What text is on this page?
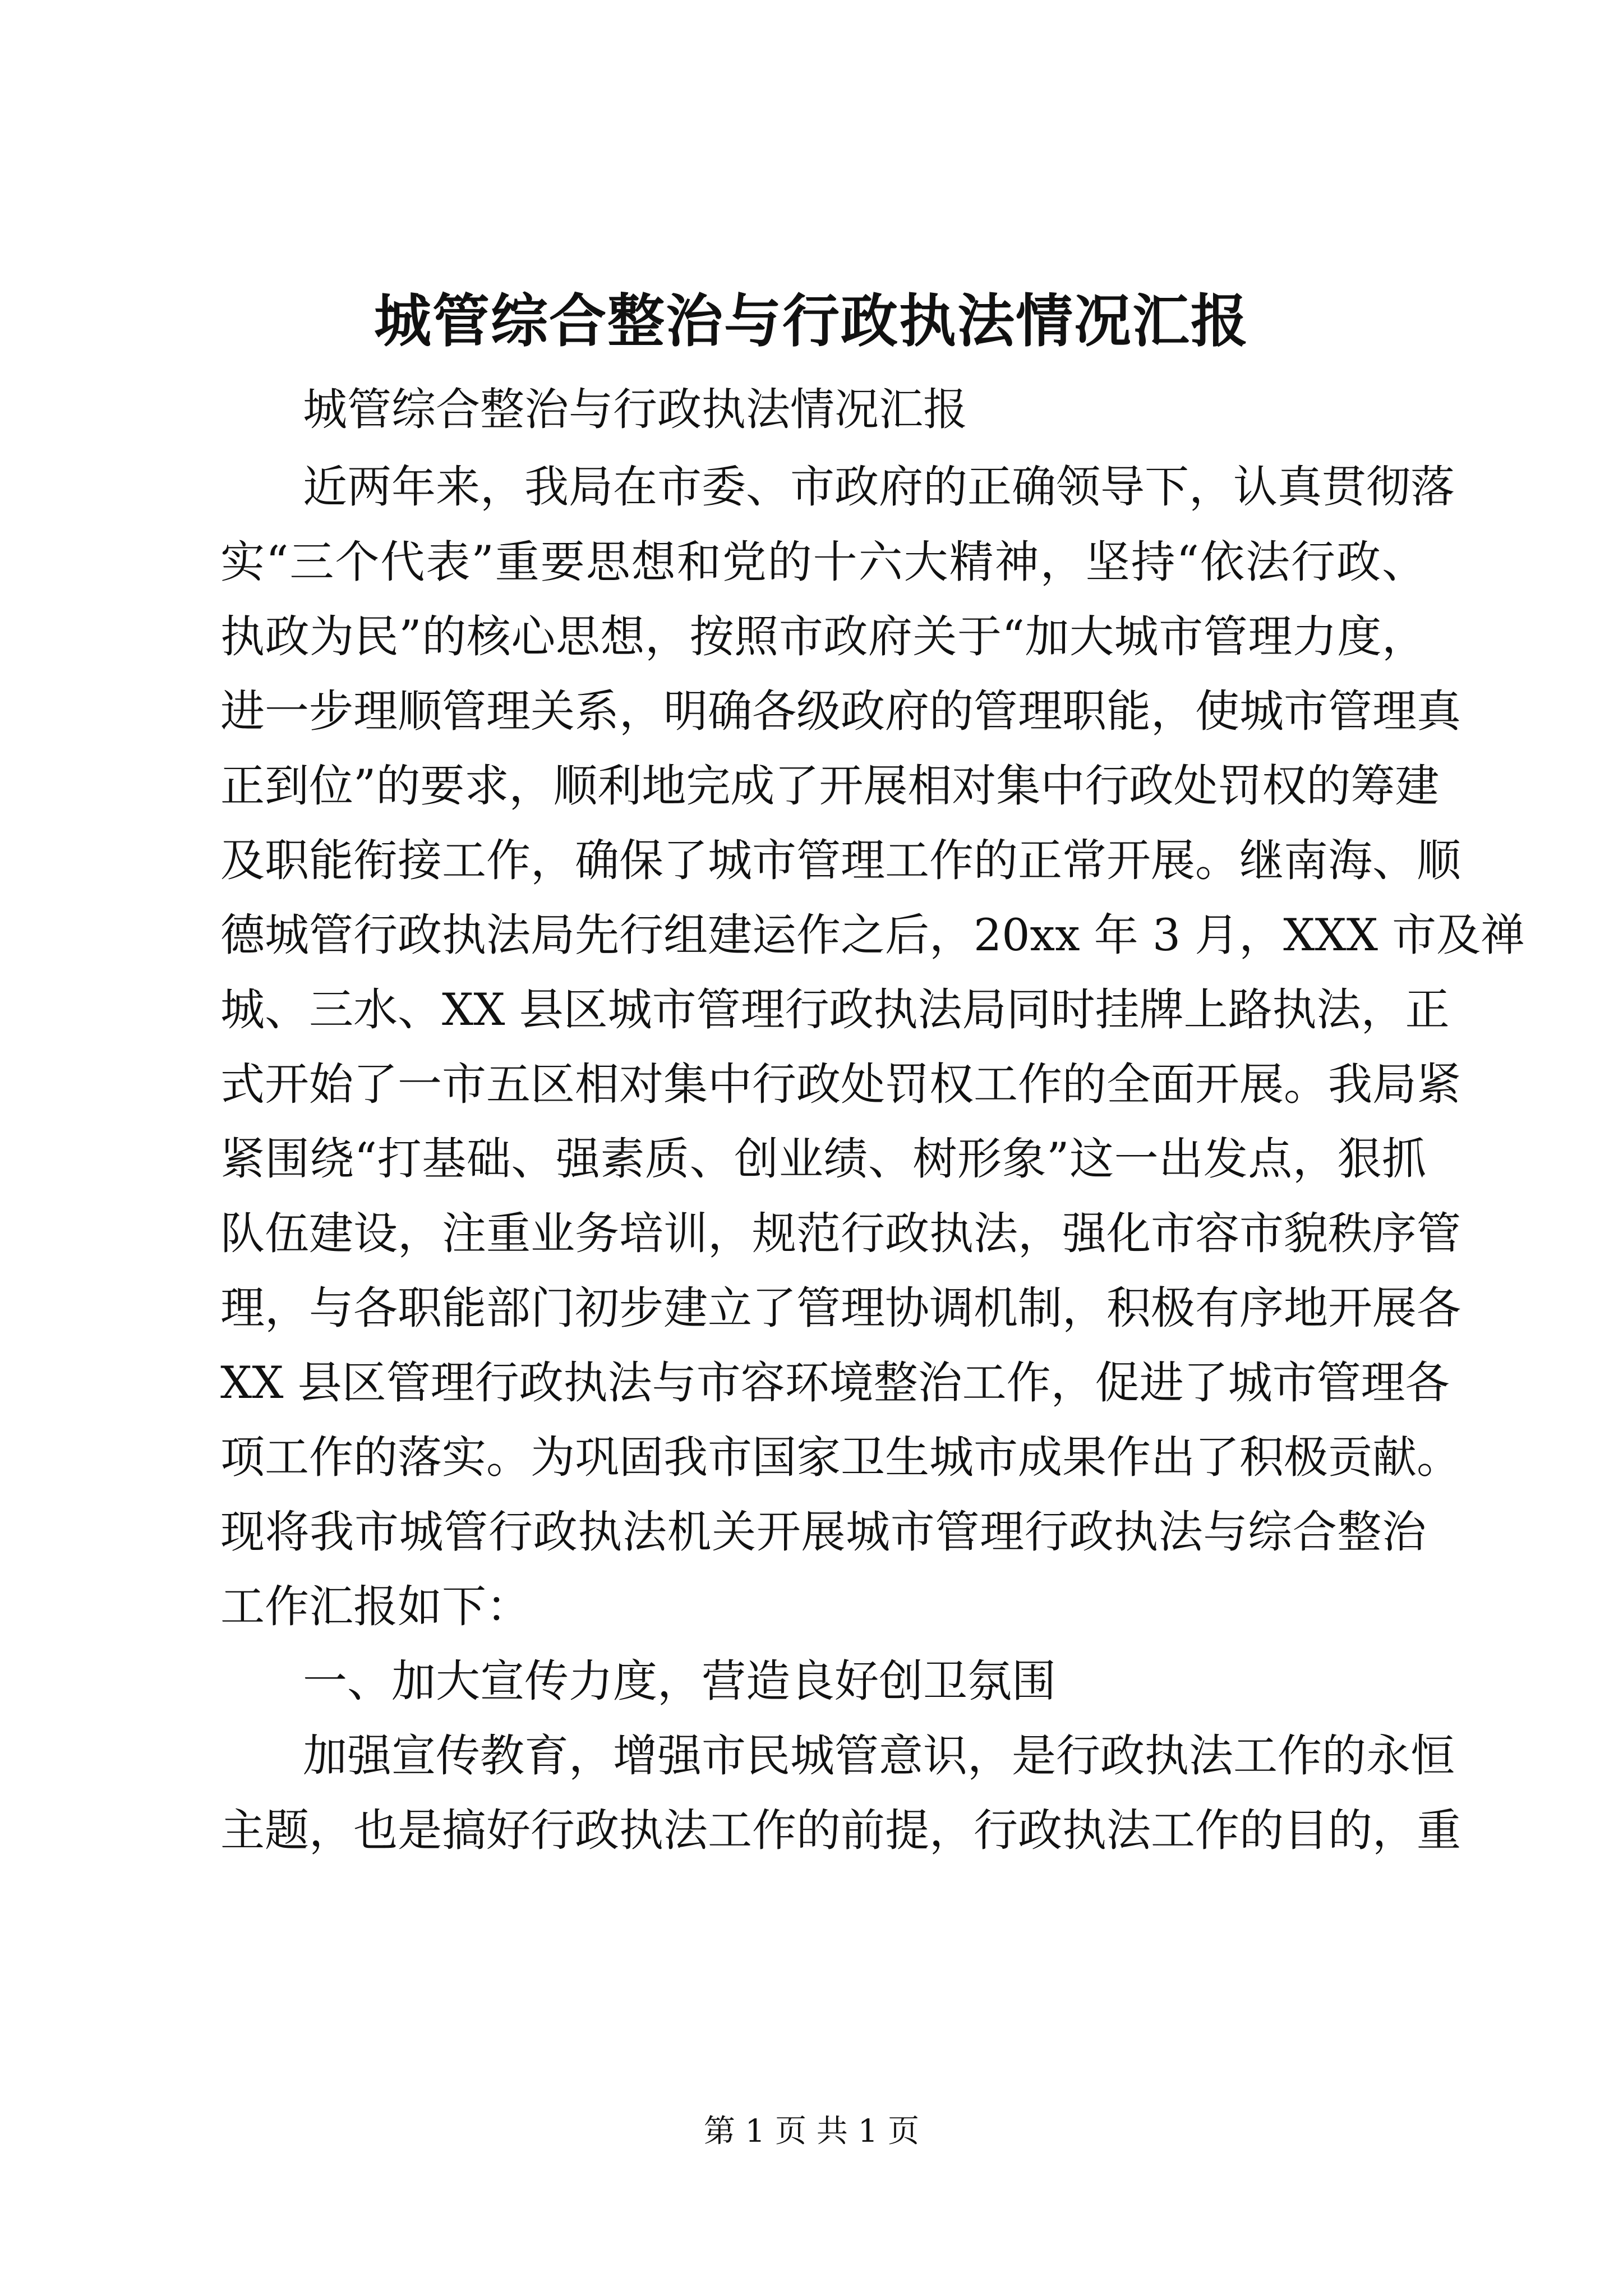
城管综合整治与行政执法情况汇报
城管综合整治与行政执法情况汇报
近两年来，我局在市委、市政府的正确领导下，认真贯彻落
实“三个代表”重要思想和党的十六大精神，坚持“依法行政、
执政为民”的核心思想，按照市政府关于“加大城市管理力度，
进一步理顺管理关系，明确各级政府的管理职能，使城市管理真
正到位”的要求，顺利地完成了开展相对集中行政处罚权的筹建
及职能衔接工作，确保了城市管理工作的正常开展。继南海、顺
德城管行政执法局先行组建运作之后，20xx 年 3 月，XXX 市及禅
城、三水、XX 县区城市管理行政执法局同时挂牌上路执法，正
式开始了一市五区相对集中行政处罚权工作的全面开展。我局紧
紧围绕“打基础、强素质、创业绩、树形象”这一出发点，狠抓
队伍建设，注重业务培训，规范行政执法，强化市容市貌秩序管
理，与各职能部门初步建立了管理协调机制，积极有序地开展各
XX 县区管理行政执法与市容环境整治工作，促进了城市管理各
项工作的落实。为巩固我市国家卫生城市成果作出了积极贡献。
现将我市城管行政执法机关开展城市管理行政执法与综合整治
工作汇报如下：
一、加大宣传力度，营造良好创卫氛围
加强宣传教育，增强市民城管意识，是行政执法工作的永恒
主题，也是搞好行政执法工作的前提，行政执法工作的目的，重
第 1 页 共 1 页
